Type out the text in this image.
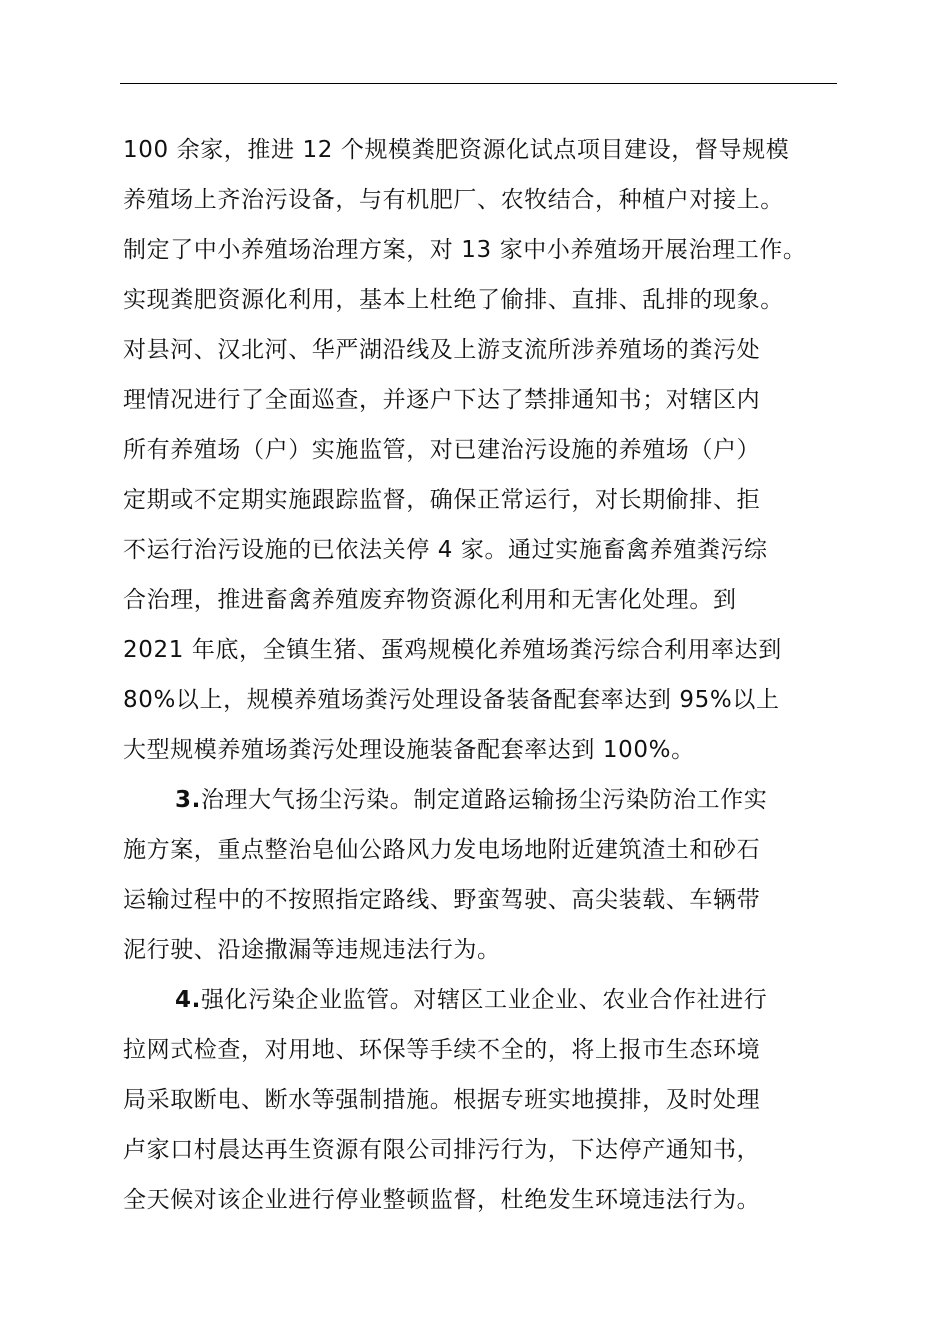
100 余家，推进 12 个规模粪肥资源化试点项目建设，督导规模
养殖场上齐治污设备，与有机肥厂、农牧结合，种植户对接上。
制定了中小养殖场治理方案，对 13 家中小养殖场开展治理工作。
实现粪肥资源化利用，基本上杜绝了偷排、直排、乱排的现象。
对县河、汉北河、华严湖沿线及上游支流所涉养殖场的粪污处
理情况进行了全面巡查，并逐户下达了禁排通知书；对辖区内
所有养殖场（户）实施监管，对已建治污设施的养殖场（户）
定期或不定期实施跟踪监督，确保正常运行，对长期偷排、拒
不运行治污设施的已依法关停 4 家。通过实施畜禽养殖粪污综
合治理，推进畜禽养殖废弃物资源化利用和无害化处理。到
2021 年底，全镇生猪、蛋鸡规模化养殖场粪污综合利用率达到
80%以上，规模养殖场粪污处理设备装备配套率达到 95%以上
大型规模养殖场粪污处理设施装备配套率达到 100%。
3.治理大气扬尘污染。制定道路运输扬尘污染防治工作实
施方案，重点整治皂仙公路风力发电场地附近建筑渣土和砂石
运输过程中的不按照指定路线、野蛮驾驶、高尖装载、车辆带
泥行驶、沿途撒漏等违规违法行为。
4.强化污染企业监管。对辖区工业企业、农业合作社进行
拉网式检查，对用地、环保等手续不全的，将上报市生态环境
局采取断电、断水等强制措施。根据专班实地摸排，及时处理
卢家口村晨达再生资源有限公司排污行为，下达停产通知书，
全天候对该企业进行停业整顿监督，杜绝发生环境违法行为。
